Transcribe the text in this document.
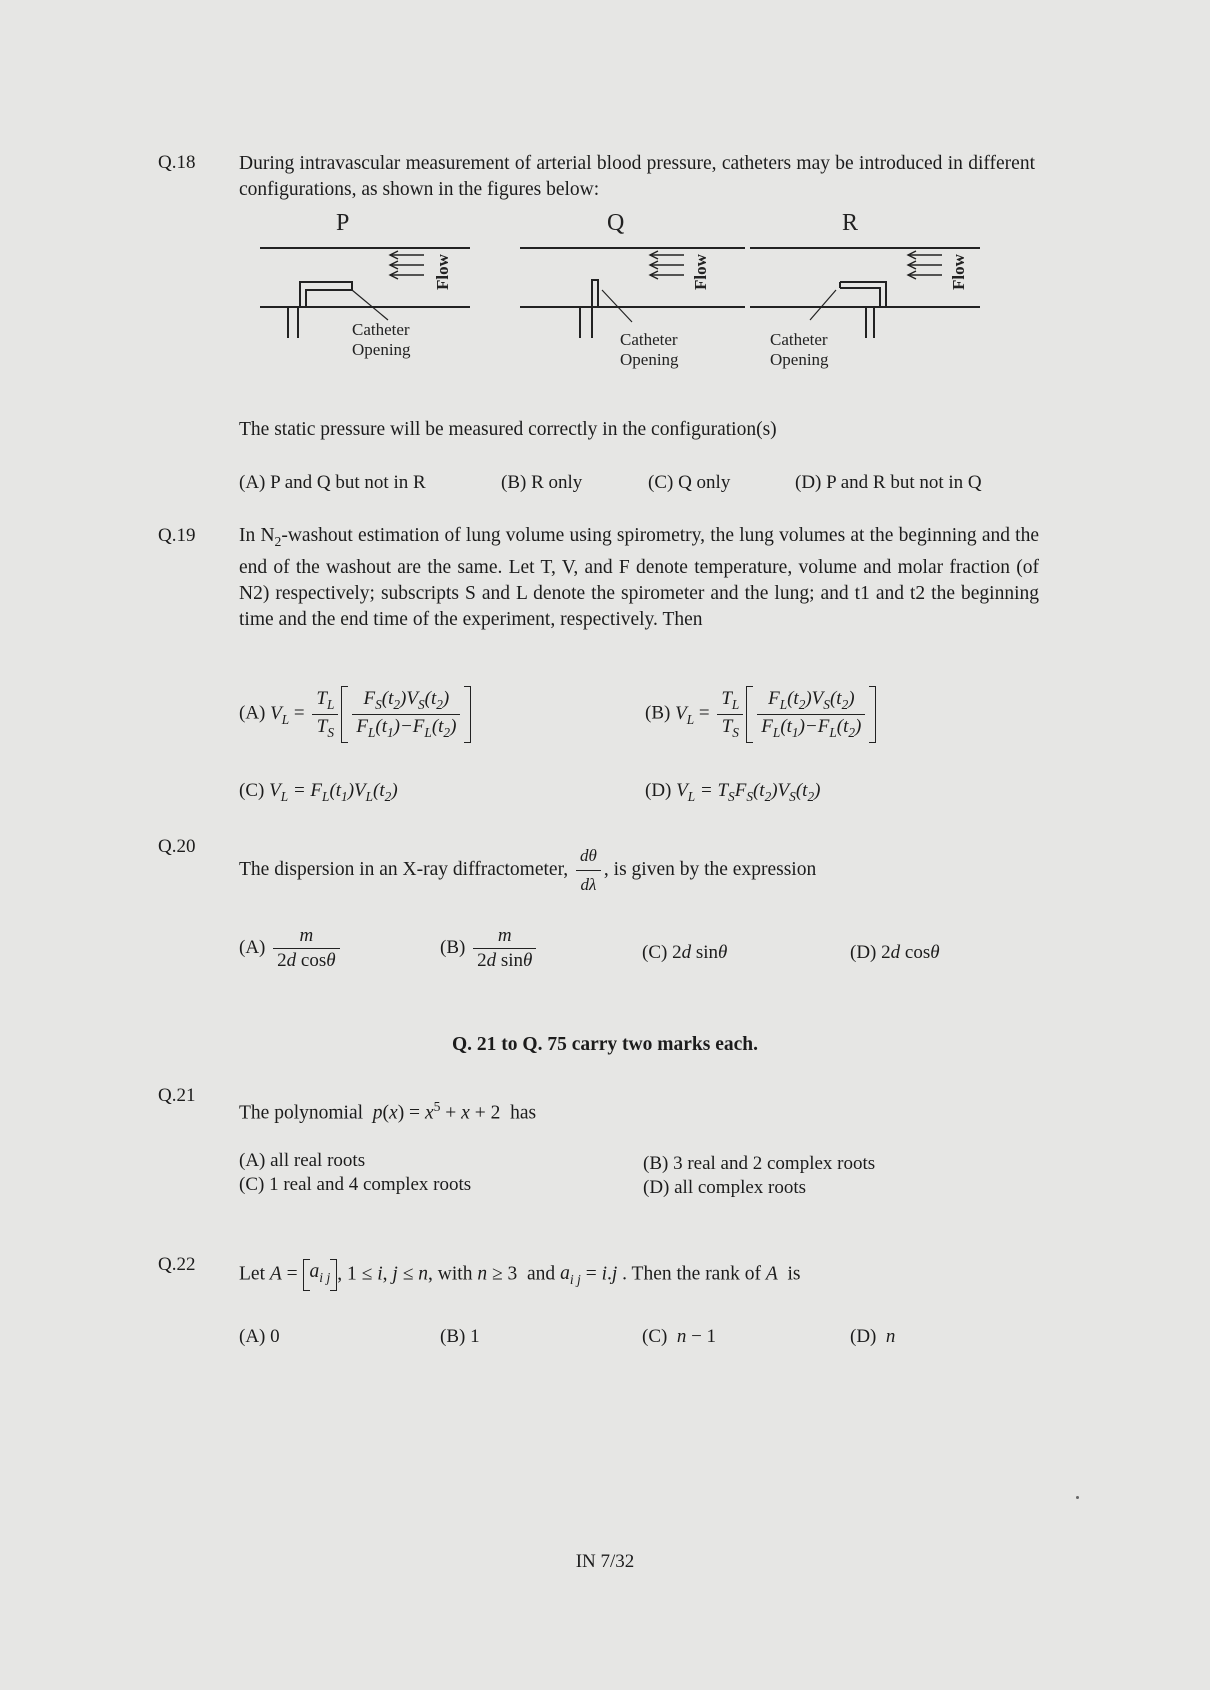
Q.18 During intravascular measurement of arterial blood pressure, catheters may be introduced in different configurations, as shown in the figures below:
P	Q	R
Flow	Flow	Flow
Catheter
Opening
Catheter
Opening
Catheter
Opening
The static pressure will be measured correctly in the configuration(s)
(A) P and Q but not in R	(B) R only	(C) Q only	(D) P and R but not in Q
Q.19 In $N_2$-washout estimation of lung volume using spirometry, the lung volumes at the beginning and the end of the washout are the same. Let T, V, and F denote temperature, volume and molar fraction (of N2) respectively; subscripts S and L denote the spirometer and the lung; and t1 and t2 the beginning time and the end time of the experiment, respectively. Then
(A) $V_L = \frac{T_L}{T_S} \frac{F_S(t_2)V_S(t_2)}{F_L(t_1)-F_L(t_2)}$	(B) $V_L = \frac{T_L}{T_S} \frac{F_L(t_2)V_S(t_2)}{F_L(t_1)-F_L(t_2)}$
(C) $V_L = F_L(t_1)V_L(t_2)$	(D) $V_L = T_SF_S(t_2)V_S(t_2)$
Q.20
The dispersion in an X-ray diffractometer, $\frac{d\theta}{d\lambda}$ , is given by the expression
$(A) \frac{m}{\text{2d cosθ}}$	$(B) \frac{m}{\text{2d sinθ}}$	(C) 2d sinθ	(D) 2d cosθ
Q. 21 to Q. 75 carry two marks each.
Q.21
The polynomial $p(x) = x^5 + x + 2$  has
(A) all real roots	(B) 3 real and 2 complex roots
(C) 1 real and 4 complex roots	(D) all complex roots
Q.22 Let A =
$a_{i j}$ , 1 ≤ i, j ≤ n, with n ≥ 3  and $a_{i j} = i.j$ . Then the rank of A is
(A) 0	(B) 1	(C) n − 1	(D) n
IN 7/32
